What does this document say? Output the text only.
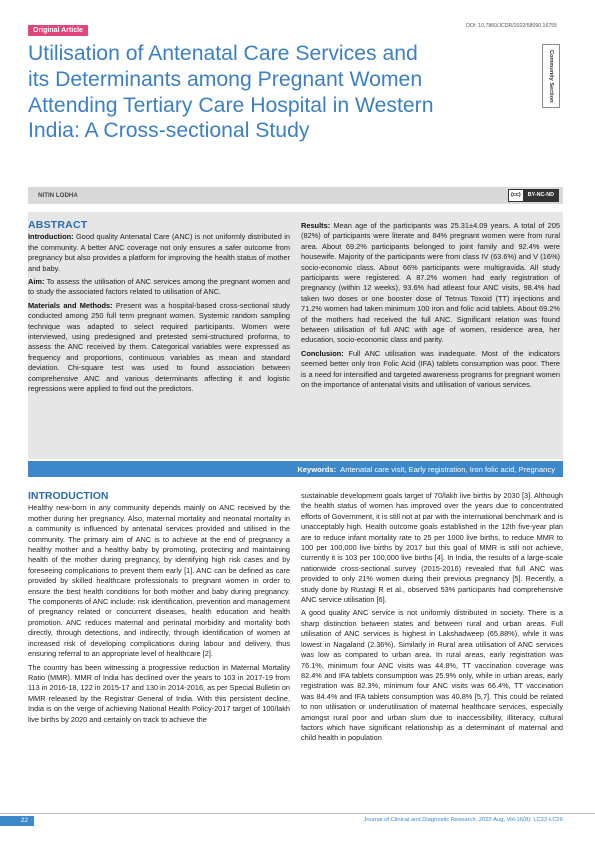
Original Article
DOI: 10.7860/JCDR/2022/58090.16755
Community Section
Utilisation of Antenatal Care Services and
its Determinants among Pregnant Women
Attending Tertiary Care Hospital in Western
India: A Cross-sectional Study
NITIN LODHA	(cc)	BY-NC-ND
ABSTRACT

Introduction: Good quality Antenatal Care (ANC) is not uniformly distributed in the community. A better ANC coverage not only ensures a safer outcome from pregnancy but also provides a platform for improving the health status of mother and baby.

Aim: To assess the utilisation of ANC services among the pregnant women and to study the associated factors related to utilisation of ANC.

Materials and Methods: Present was a hospital-based cross-sectional study conducted among 250 full term pregnant women. Systemic random sampling technique was adapted to select required participants. Women were interviewed, using predesigned and pretested semi-structured proforma, to assess the ANC received by them. Categorical variables were expressed as frequency and proportions, continuous variables as mean and standard deviation. Chi-square test was used to found association between comprehensive ANC and various determinants affecting it and logistic regressions were applied to find out the predictors.

Results: Mean age of the participants was 25.31±4.09 years. A total of 205 (82%) of participants were literate and 84% pregnant women were from rural area. About 69.2% participants belonged to joint family and 92.4% were housewife. Majority of the participants were from class IV (63.6%) and V (16%) socio-economic class. About 66% participants were multigravida. All study participants were registered. A 87.2% women had early registration of pregnancy (within 12 weeks), 93.6% had atleast four ANC visits, 98.4% had taken two doses or one booster dose of Tetnus Toxoid (TT) injections and 71.2% women had taken minimum 100 iron and folic acid tablets. About 69.2% of the mothers had received the full ANC. Significant relation was found between utilisation of full ANC with age of women, residence area, her education, socio-economic class and parity.

Conclusion: Full ANC utilisation was inadequate. Most of the indicators seemed better only Iron Folic Acid (IFA) tablets consumption was poor. There is a need for intensified and targeted awareness programs for pregnant women on the importance of antenatal visits and utilisation of various services.

Keywords: Antenatal care visit, Early registration, Iron folic acid, Pregnancy
INTRODUCTION

Healthy new-born in any community depends mainly on ANC received by the mother during her pregnancy. Also, maternal mortality and neonatal mortality in a community is influenced by antenatal services provided and utilised in the community. The primary aim of ANC is to achieve at the end of pregnancy a healthy mother and a healthy baby by promoting, protecting and maintaining health of the mother during pregnancy, by identifying high risk cases and by foreseeing complications to prevent them early [1]. ANC can be defined as care provided by skilled healthcare professionals to pregnant women in order to ensure the best health conditions for both mother and baby during pregnancy. The components of ANC include: risk identification, prevention and management of pregnancy related or concurrent diseases, health education and health promotion. ANC reduces maternal and perinatal morbidity and mortality both directly, through detections, and indirectly, through identification of women at increased risk of developing complications during labour and delivery, thus ensuring referral to an appropriate level of healthcare [2].

The country has been witnessing a progressive reduction in Maternal Mortality Ratio (MMR). MMR of India has declined over the years to 103 in 2017-19 from 113 in 2016-18, 122 in 2015-17 and 130 in 2014-2016, as per Special Bulletin on MMR released by the Registrar General of India. With this persistent decline, India is on the verge of achieving National Health Policy-2017 target of 100/lakh live births by 2020 and certainly on track to achieve the

sustainable development goals target of 70/lakh live births by 2030 [3]. Although the health status of women has improved over the years due to concentrated efforts of Government, it is still not at par with the international benchmark and is unacceptably high. Health outcome goals established in the 12th five-year plan are to reduce infant mortality rate to 25 per 1000 live births, to reduce MMR to 100 per 100,000 live births by 2017 but this goal of MMR is still not achieve, currently it is 103 per 100,000 live births [4]. In India, the results of a large-scale nationwide cross-sectional survey (2015-2016) revealed that full ANC was provided to only 21% women during their previous pregnancy [5]. Recently, a study done by Rustagi R et al., observed 53% participants had comprehensive ANC service utilisation [6].

A good quality ANC service is not uniformly distributed in society. There is a sharp distinction between states and between rural and urban areas. Full utilisation of ANC services is highest in Lakshadweep (65.88%), while it was lowest in Nagaland (2.36%). Similarly in Rural area utilisation of ANC services was low as compared to urban area. In rural areas, early registration was 76.1%, minimum four ANC visits was 44.8%, TT vaccination coverage was 82.4% and IFA tablets consumption was 25.9% only, while in urban areas, early registration was 82.3%, minimum four ANC visits was 66.4%, TT vaccination was 84.4% and IFA tablets consumption was 40.8% [5,7]. This could be related to non utilisation or underutilisation of maternal healthcare services, especially amongst rural poor and urban slum due to inaccessibility, illiteracy, cultural factors which have significant relationship as a determinant of maternal and child health in population

22	Journal of Clinical and Diagnostic Research. 2022 Aug, Vol-16(8): LC22-LC26
